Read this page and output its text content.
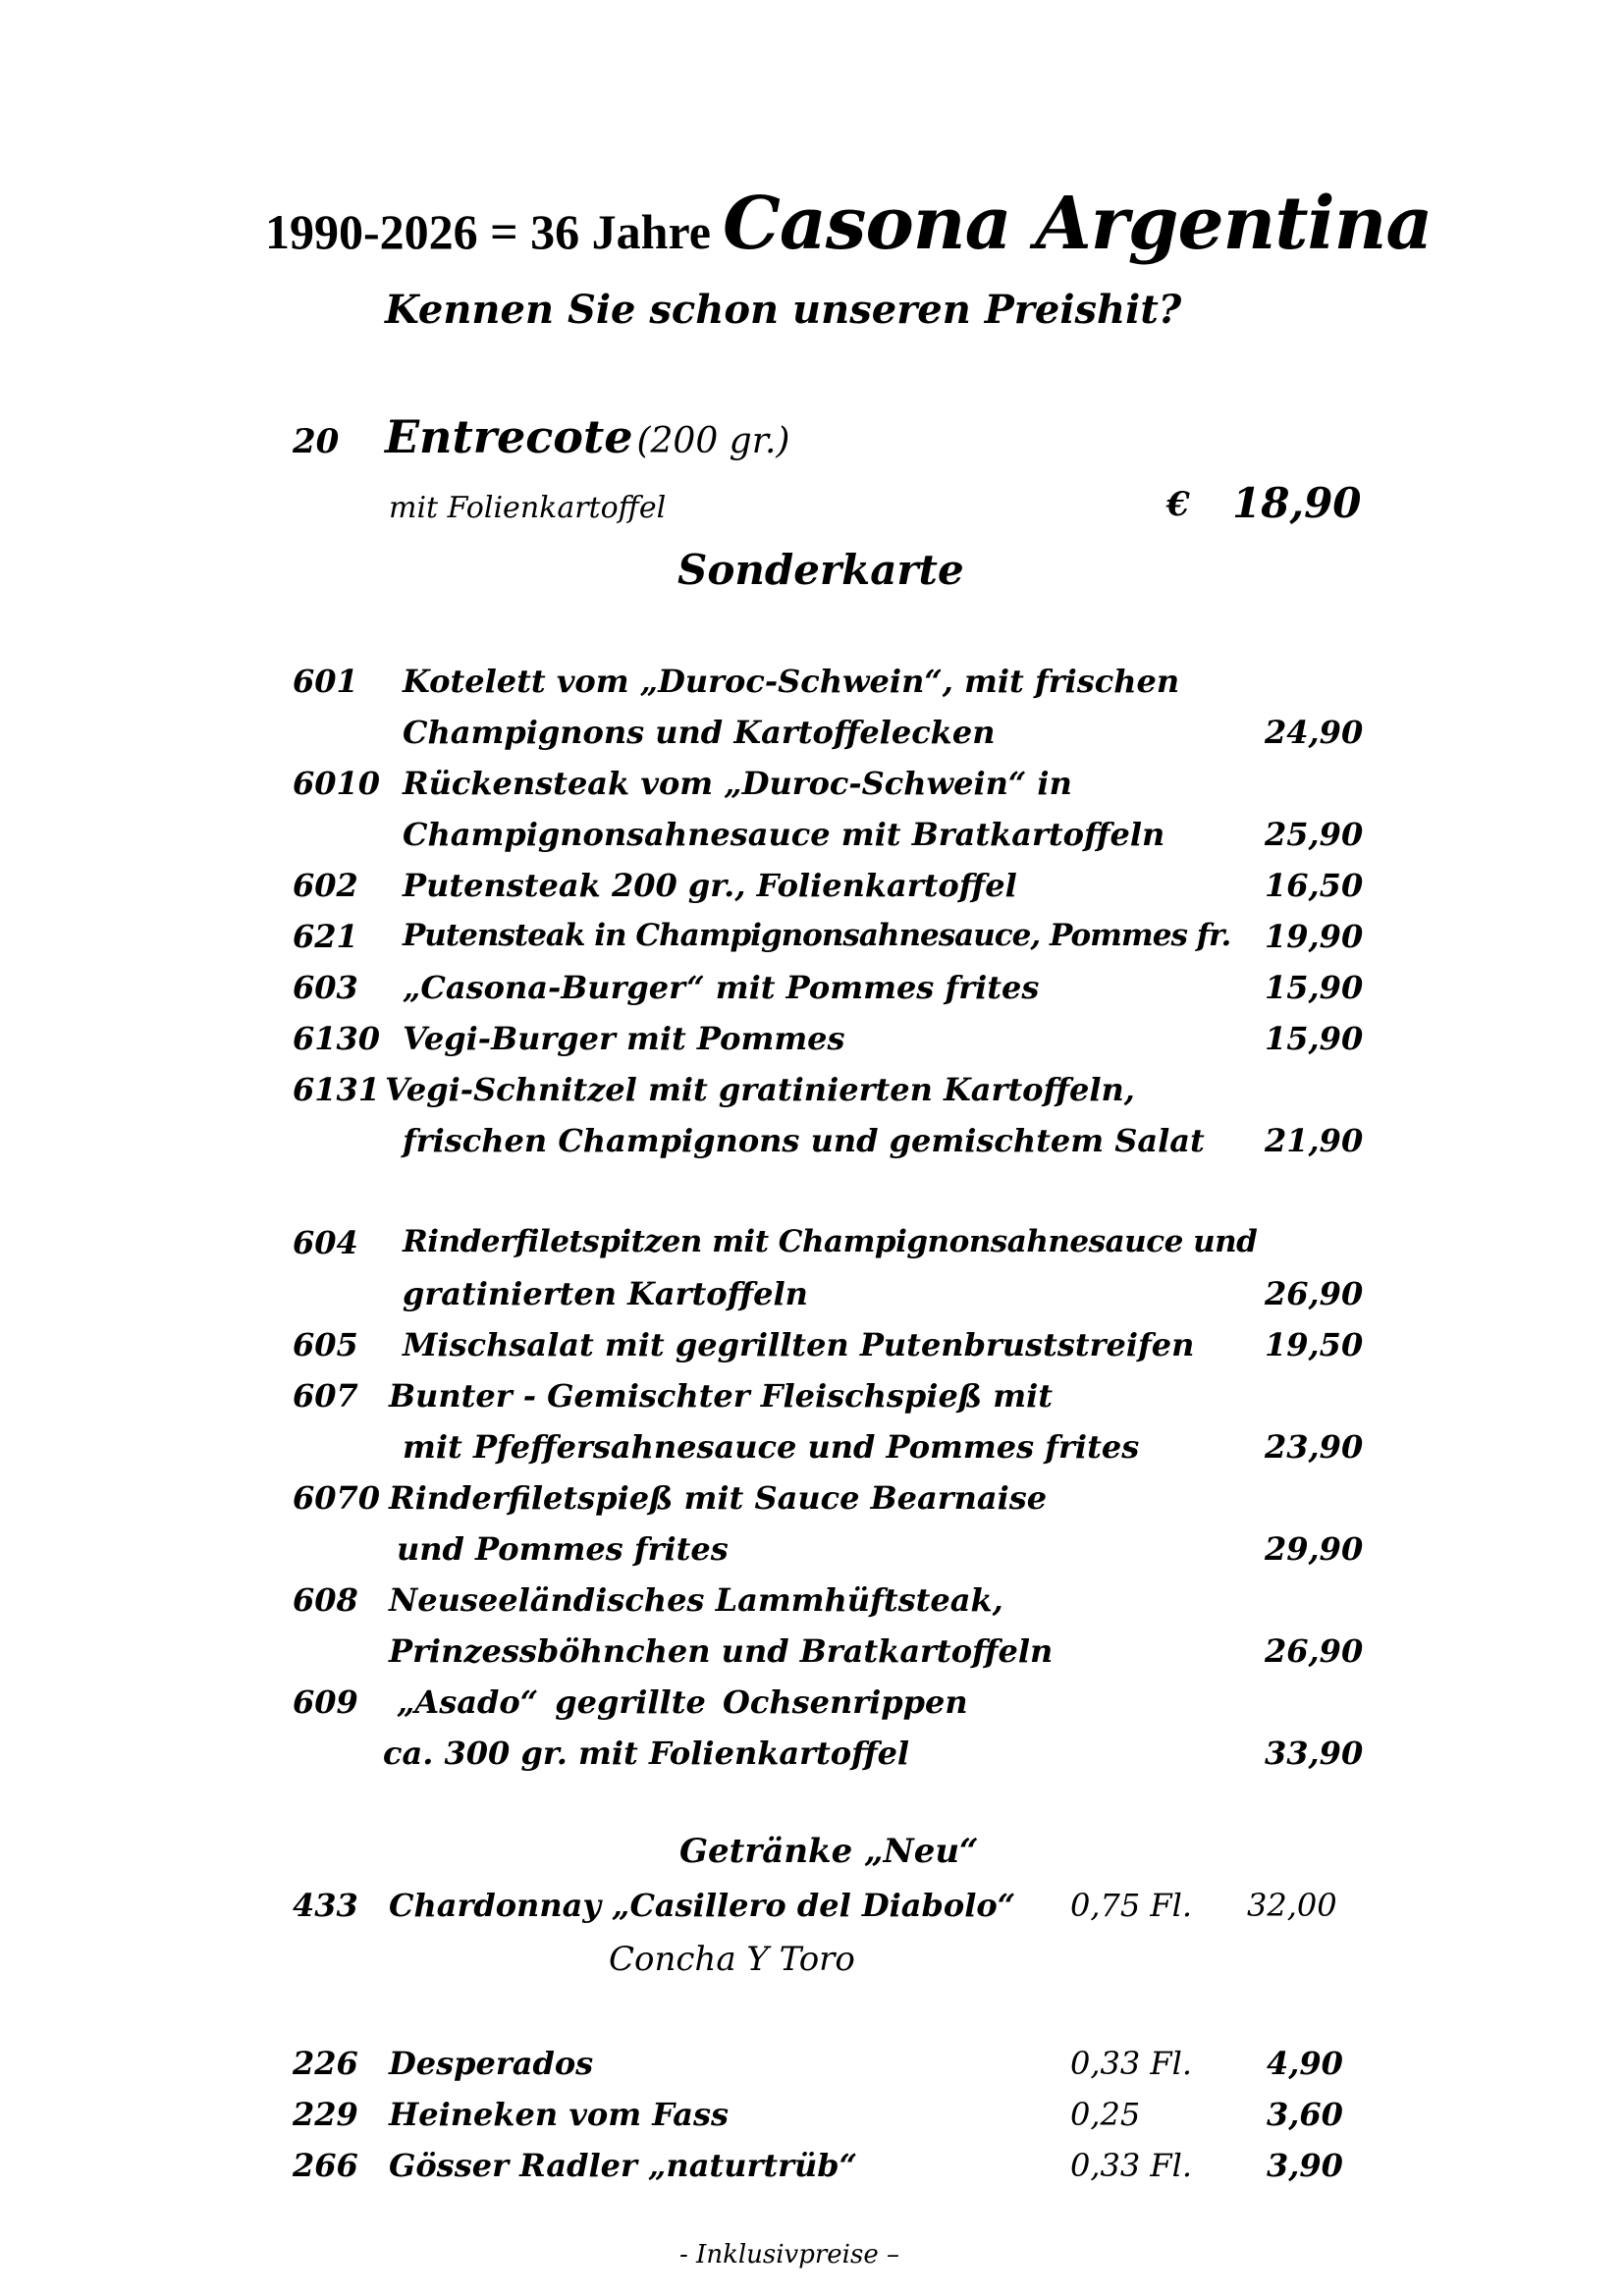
1990-2026 = 36 Jahre Casona Argentina
Kennen Sie schon unseren Preishit?
20 Entrecote (200 gr.)
mit Folienkartoffel	€ 18,90
Sonderkarte
601 Kotelett vom „Duroc-Schwein“, mit frischen
Champignons und Kartoffelecken	24,90
6010 Rückensteak vom „Duroc-Schwein“ in
Champignonsahnesauce mit Bratkartoffeln	25,90
602 Putensteak 200 gr., Folienkartoffel	16,50
621 Putensteak in Champignonsahnesauce, Pommes fr. 19,90
603 „Casona-Burger“ mit Pommes frites	15,90
6130 Vegi-Burger mit Pommes	15,90
6131 Vegi-Schnitzel mit gratinierten Kartoffeln,
frischen Champignons und gemischtem Salat 21,90
604 Rinderfiletspitzen mit Champignonsahnesauce und
gratinierten Kartoffeln	26,90
605 Mischsalat mit gegrillten Putenbruststreifen 19,50
607 Bunter - Gemischter Fleischspieß mit
mit Pfeffersahnesauce und Pommes frites	23,90
6070 Rinderfiletspieß mit Sauce Bearnaise
und Pommes frites	29,90
608 Neuseeländisches Lammhüftsteak,
Prinzessböhnchen und Bratkartoffeln	26,90
609 „Asado“ gegrillte Ochsenrippen
ca. 300 gr. mit Folienkartoffel	33,90
Getränke „Neu“
433 Chardonnay „Casillero del Diabolo“ 0,75 Fl. 32,00
Concha Y Toro
226 Desperados	0,33 Fl. 4,90
229 Heineken vom Fass	0,25	3,60
266 Gösser Radler „naturtrüb“	0,33 Fl. 3,90
- Inklusivpreise –
